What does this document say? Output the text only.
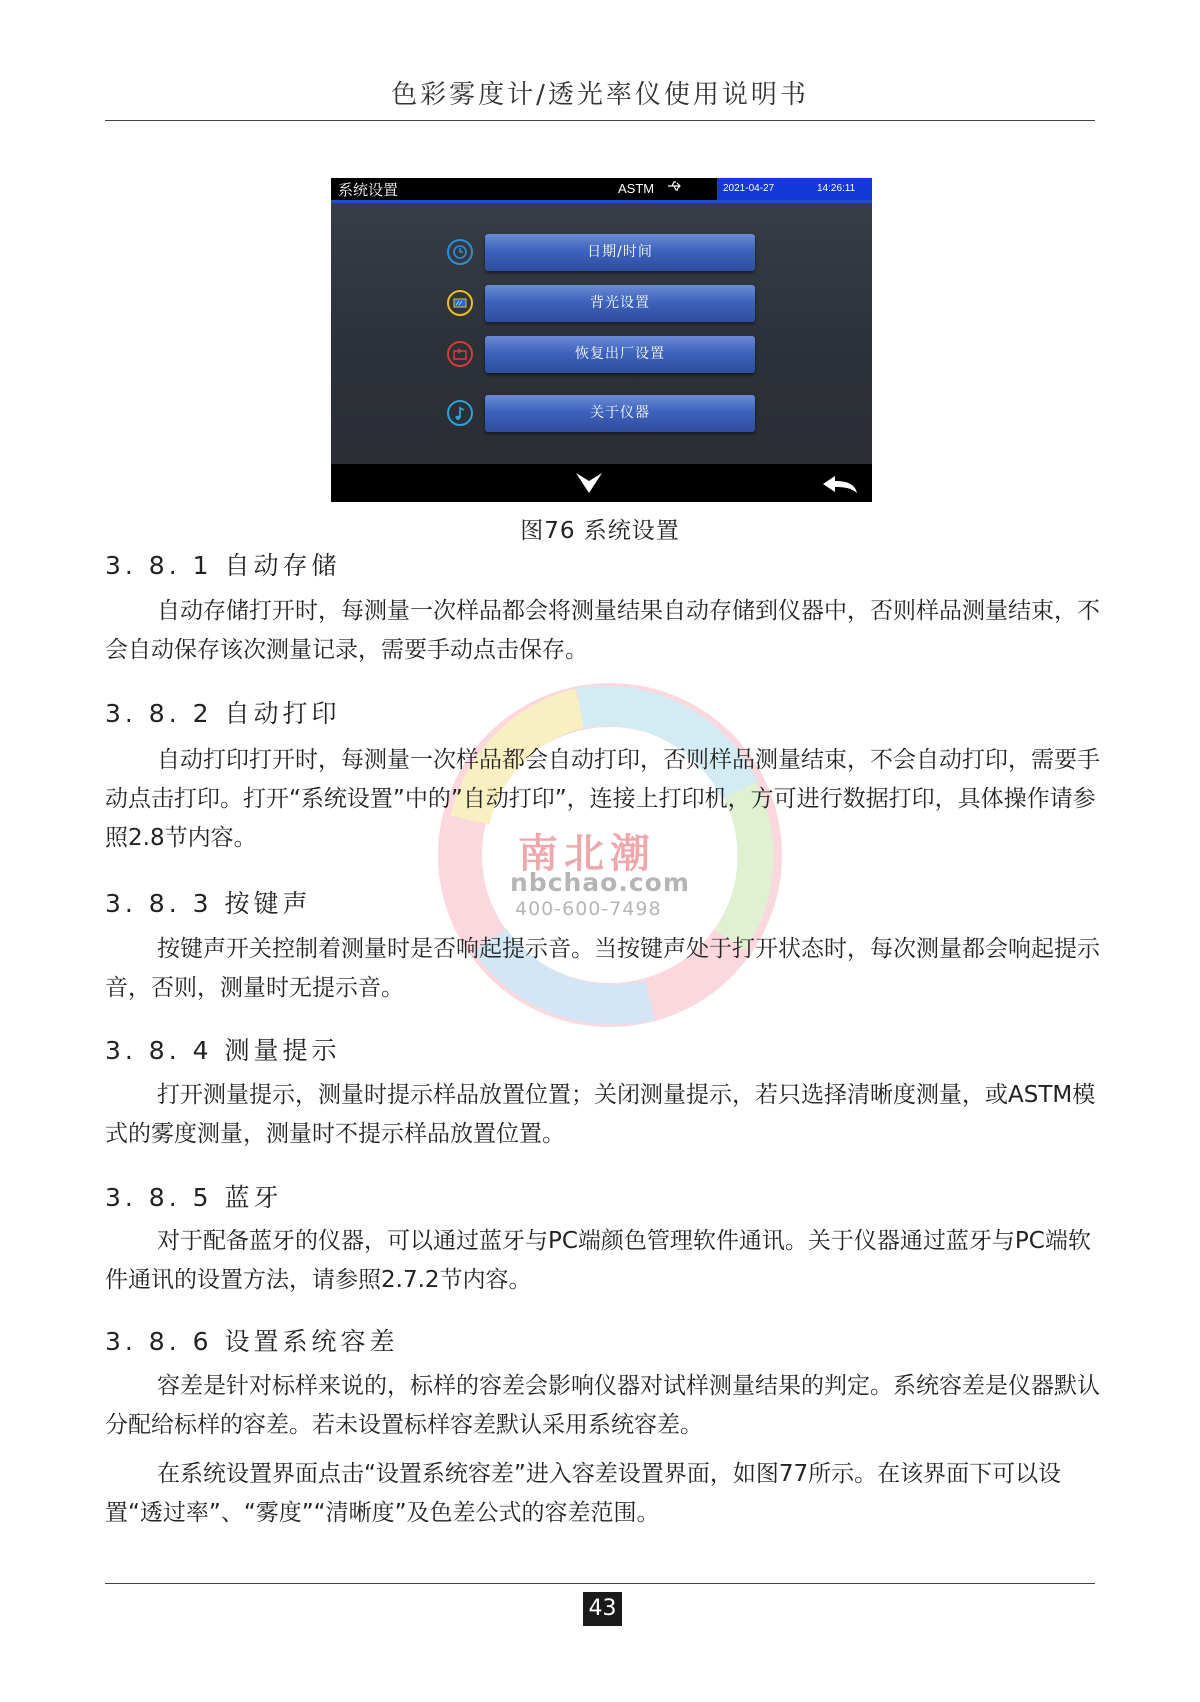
色彩雾度计/透光率仪使用说明书
系统设置	ASTM	2021-04-27	14:26:11
日期/时间
背光设置
恢复出厂设置
关于仪器
图76 系统设置
南北潮
nbchao.com
400-600-7498
3. 8. 1 自动存储

自动存储打开时，每测量一次样品都会将测量结果自动存储到仪器中，否则样品测量结束，不会自动保存该次测量记录，需要手动点击保存。

3. 8. 2 自动打印

自动打印打开时，每测量一次样品都会自动打印，否则样品测量结束，不会自动打印，需要手动点击打印。打开“系统设置”中的”自动打印”，连接上打印机，方可进行数据打印，具体操作请参照2.8节内容。

3. 8. 3 按键声

按键声开关控制着测量时是否响起提示音。当按键声处于打开状态时，每次测量都会响起提示音，否则，测量时无提示音。

3. 8. 4 测量提示

打开测量提示，测量时提示样品放置位置；关闭测量提示，若只选择清晰度测量，或ASTM模式的雾度测量，测量时不提示样品放置位置。

3. 8. 5 蓝牙

对于配备蓝牙的仪器，可以通过蓝牙与PC端颜色管理软件通讯。关于仪器通过蓝牙与PC端软件通讯的设置方法，请参照2.7.2节内容。

3. 8. 6 设置系统容差

容差是针对标样来说的，标样的容差会影响仪器对试样测量结果的判定。系统容差是仪器默认分配给标样的容差。若未设置标样容差默认采用系统容差。

在系统设置界面点击“设置系统容差”进入容差设置界面，如图77所示。在该界面下可以设置“透过率”、“雾度”“清晰度”及色差公式的容差范围。

43
